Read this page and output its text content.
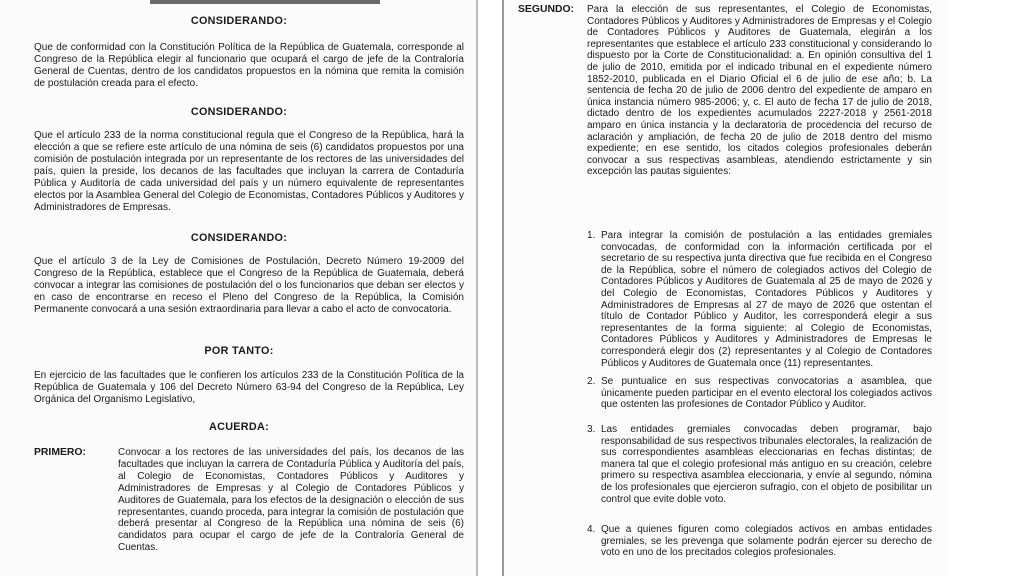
CONSIDERANDO:
Que de conformidad con la Constitución Política de la República de Guatemala, corresponde al Congreso de la República elegir al funcionario que ocupará el cargo de jefe de la Contraloría General de Cuentas, dentro de los candidatos propuestos en la nómina que remita la comisión de postulación creada para el efecto.
CONSIDERANDO:
Que el artículo 233 de la norma constitucional regula que el Congreso de la República, hará la elección a que se refiere este artículo de una nómina de seis (6) candidatos propuestos por una comisión de postulación integrada por un representante de los rectores de las universidades del país, quien la preside, los decanos de las facultades que incluyan la carrera de Contaduría Pública y Auditoría de cada universidad del país y un número equivalente de representantes electos por la Asamblea General del Colegio de Economistas, Contadores Públicos y Auditores y Administradores de Empresas.
CONSIDERANDO:
Que el artículo 3 de la Ley de Comisiones de Postulación, Decreto Número 19-2009 del Congreso de la República, establece que el Congreso de la República de Guatemala, deberá convocar a integrar las comisiones de postulación del o los funcionarios que deban ser electos y en caso de encontrarse en receso el Pleno del Congreso de la República, la Comisión Permanente convocará a una sesión extraordinaria para llevar a cabo el acto de convocatoria.
POR TANTO:
En ejercicio de las facultades que le confieren los artículos 233 de la Constitución Política de la República de Guatemala y 106 del Decreto Número 63-94 del Congreso de la República, Ley Orgánica del Organismo Legislativo,
ACUERDA:
PRIMERO:	Convocar a los rectores de las universidades del país, los decanos de las facultades que incluyan la carrera de Contaduría Pública y Auditoría del país, al Colegio de Economistas, Contadores Públicos y Auditores y Administradores de Empresas y al Colegio de Contadores Públicos y Auditores de Guatemala, para los efectos de la designación o elección de sus representantes, cuando proceda, para integrar la comisión de postulación que deberá presentar al Congreso de la República una nómina de seis (6) candidatos para ocupar el cargo de jefe de la Contraloría General de Cuentas.
SEGUNDO: Para la elección de sus representantes, el Colegio de Economistas, Contadores Públicos y Auditores y Administradores de Empresas y el Colegio de Contadores Públicos y Auditores de Guatemala, elegirán a los representantes que establece el artículo 233 constitucional y considerando lo dispuesto por la Corte de Constitucionalidad: a. En opinión consultiva del 1 de julio de 2010, emitida por el indicado tribunal en el expediente número 1852-2010, publicada en el Diario Oficial el 6 de julio de ese año; b. La sentencia de fecha 20 de julio de 2006 dentro del expediente de amparo en única instancia número 985-2006; y, c. El auto de fecha 17 de julio de 2018, dictado dentro de los expedientes acumulados 2227-2018 y 2561-2018 amparo en única instancia y la declaratoria de procedencia del recurso de aclaración y ampliación, de fecha 20 de julio de 2018 dentro del mismo expediente; en ese sentido, los citados colegios profesionales deberán convocar a sus respectivas asambleas, atendiendo estrictamente y sin excepción las pautas siguientes:
1. Para integrar la comisión de postulación a las entidades gremiales convocadas, de conformidad con la información certificada por el secretario de su respectiva junta directiva que fue recibida en el Congreso de la República, sobre el número de colegiados activos del Colegio de Contadores Públicos y Auditores de Guatemala al 25 de mayo de 2026 y del Colegio de Economistas, Contadores Públicos y Auditores y Administradores de Empresas al 27 de mayo de 2026 que ostentan el título de Contador Público y Auditor, les corresponderá elegir a sus representantes de la forma siguiente: al Colegio de Economistas, Contadores Públicos y Auditores y Administradores de Empresas le corresponderá elegir dos (2) representantes y al Colegio de Contadores Públicos y Auditores de Guatemala once (11) representantes.
2. Se puntualice en sus respectivas convocatorias a asamblea, que únicamente pueden participar en el evento electoral los colegiados activos que ostenten las profesiones de Contador Público y Auditor.
3. Las entidades gremiales convocadas deben programar, bajo responsabilidad de sus respectivos tribunales electorales, la realización de sus correspondientes asambleas eleccionarias en fechas distintas; de manera tal que el colegio profesional más antiguo en su creación, celebre primero su respectiva asamblea eleccionaria, y envíe al segundo, nómina de los profesionales que ejercieron sufragio, con el objeto de posibilitar un control que evite doble voto.
4. Que a quienes figuren como colegiados activos en ambas entidades gremiales, se les prevenga que solamente podrán ejercer su derecho de voto en uno de los precitados colegios profesionales.
